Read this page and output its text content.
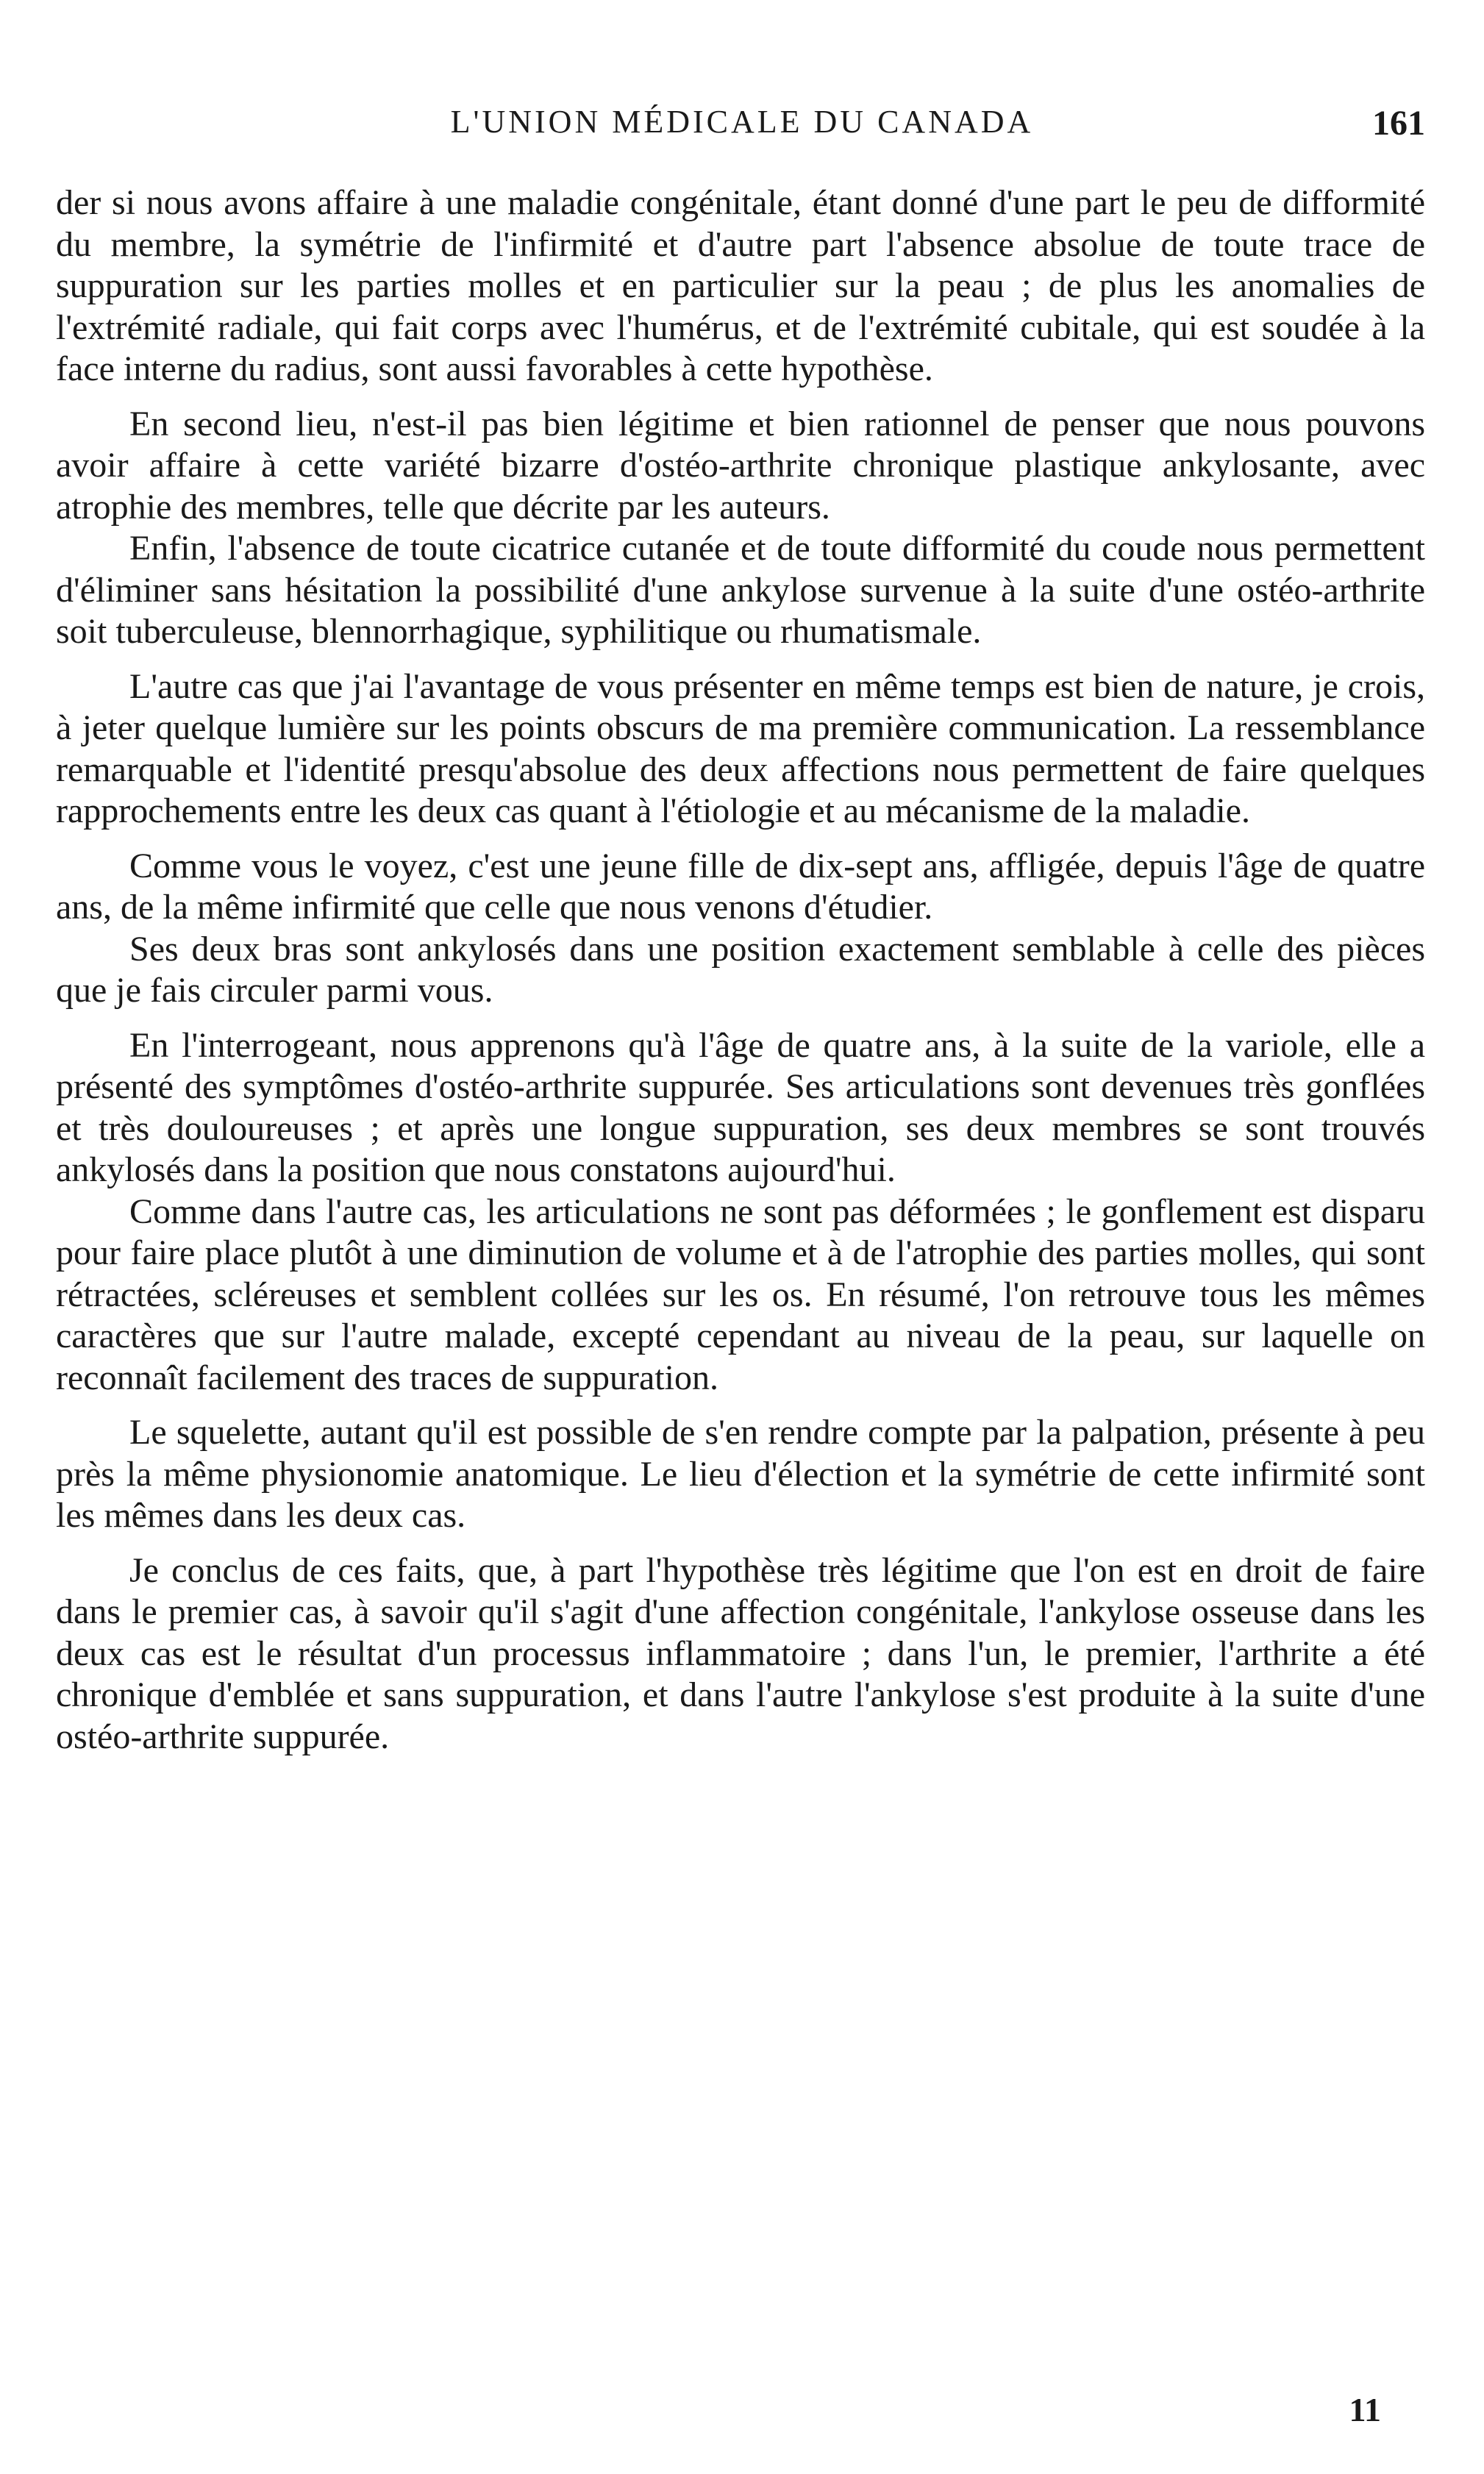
L'UNION MÉDICALE DU CANADA	161

der si nous avons affaire à une maladie congénitale, étant donné d'une part le peu de difformité du membre, la symétrie de l'infirmité et d'autre part l'absence absolue de toute trace de suppuration sur les parties molles et en particulier sur la peau ; de plus les anomalies de l'extrémité radiale, qui fait corps avec l'humérus, et de l'extrémité cubitale, qui est soudée à la face interne du radius, sont aussi favorables à cette hypothèse.

En second lieu, n'est-il pas bien légitime et bien rationnel de penser que nous pouvons avoir affaire à cette variété bizarre d'ostéo-arthrite chronique plastique ankylosante, avec atrophie des membres, telle que décrite par les auteurs.

Enfin, l'absence de toute cicatrice cutanée et de toute difformité du coude nous permettent d'éliminer sans hésitation la possibilité d'une ankylose survenue à la suite d'une ostéo-arthrite soit tuberculeuse, blennorrhagique, syphilitique ou rhumatismale.

L'autre cas que j'ai l'avantage de vous présenter en même temps est bien de nature, je crois, à jeter quelque lumière sur les points obscurs de ma première communication. La ressemblance remarquable et l'identité presqu'absolue des deux affections nous permettent de faire quelques rapprochements entre les deux cas quant à l'étiologie et au mécanisme de la maladie.

Comme vous le voyez, c'est une jeune fille de dix-sept ans, affligée, depuis l'âge de quatre ans, de la même infirmité que celle que nous venons d'étudier.

Ses deux bras sont ankylosés dans une position exactement semblable à celle des pièces que je fais circuler parmi vous.

En l'interrogeant, nous apprenons qu'à l'âge de quatre ans, à la suite de la variole, elle a présenté des symptômes d'ostéo-arthrite suppurée. Ses articulations sont devenues très gonflées et très douloureuses ; et après une longue suppuration, ses deux membres se sont trouvés ankylosés dans la position que nous constatons aujourd'hui.

Comme dans l'autre cas, les articulations ne sont pas déformées ; le gonflement est disparu pour faire place plutôt à une diminution de volume et à de l'atrophie des parties molles, qui sont rétractées, scléreuses et semblent collées sur les os. En résumé, l'on retrouve tous les mêmes caractères que sur l'autre malade, excepté cependant au niveau de la peau, sur laquelle on reconnaît facilement des traces de suppuration.

Le squelette, autant qu'il est possible de s'en rendre compte par la palpation, présente à peu près la même physionomie anatomique. Le lieu d'élection et la symétrie de cette infirmité sont les mêmes dans les deux cas.

Je conclus de ces faits, que, à part l'hypothèse très légitime que l'on est en droit de faire dans le premier cas, à savoir qu'il s'agit d'une affection congénitale, l'ankylose osseuse dans les deux cas est le résultat d'un processus inflammatoire ; dans l'un, le premier, l'arthrite a été chronique d'emblée et sans suppuration, et dans l'autre l'ankylose s'est produite à la suite d'une ostéo-arthrite suppurée.

11
